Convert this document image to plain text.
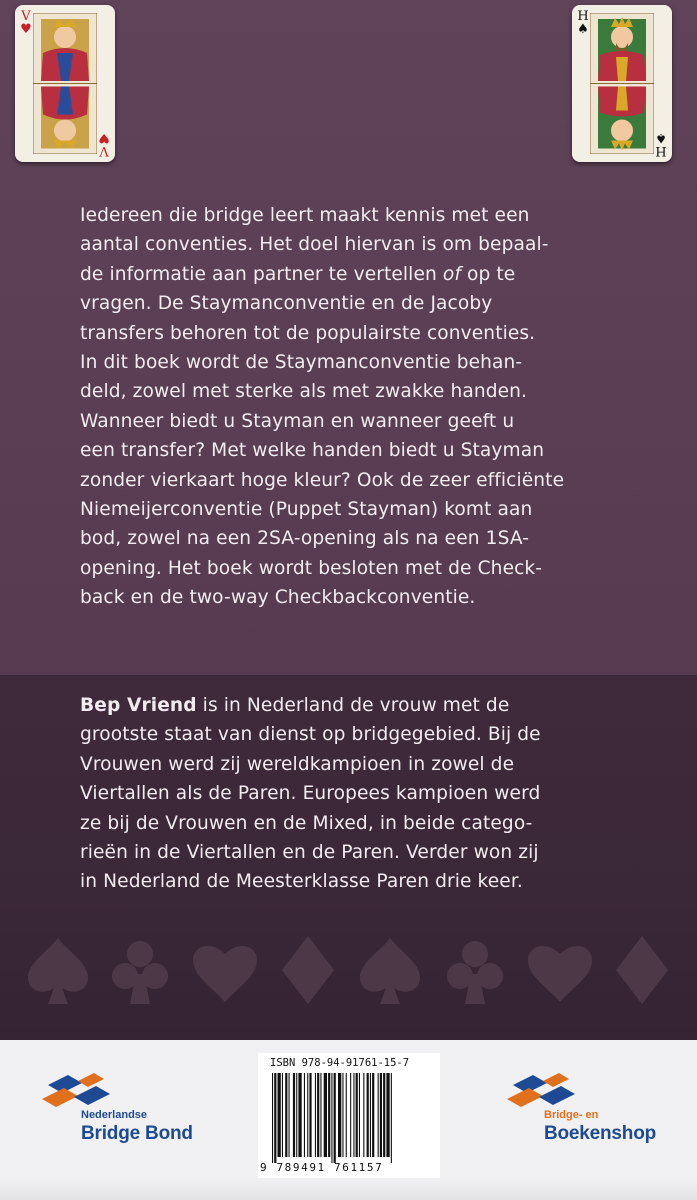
V
♥
V
♥
H
♠
H
♠
Iedereen die bridge leert maakt kennis met een
aantal conventies. Het doel hiervan is om bepaal-
de informatie aan partner te vertellen of op te
vragen. De Staymanconventie en de Jacoby
transfers behoren tot de populairste conventies.
In dit boek wordt de Staymanconventie behan-
deld, zowel met sterke als met zwakke handen.
Wanneer biedt u Stayman en wanneer geeft u
een transfer? Met welke handen biedt u Stayman
zonder vierkaart hoge kleur? Ook de zeer efficiënte
Niemeijerconventie (Puppet Stayman) komt aan
bod, zowel na een 2SA-opening als na een 1SA-
opening. Het boek wordt besloten met de Check-
back en de two-way Checkbackconventie.
Bep Vriend is in Nederland de vrouw met de
grootste staat van dienst op bridgegebied. Bij de
Vrouwen werd zij wereldkampioen in zowel de
Viertallen als de Paren. Europees kampioen werd
ze bij de Vrouwen en de Mixed, in beide catego-
rieën in de Viertallen en de Paren. Verder won zij
in Nederland de Meesterklasse Paren drie keer.
Nederlandse
Bridge Bond
ISBN 978-94-91761-15-7
9 789491 761157
Bridge- en
Boekenshop
